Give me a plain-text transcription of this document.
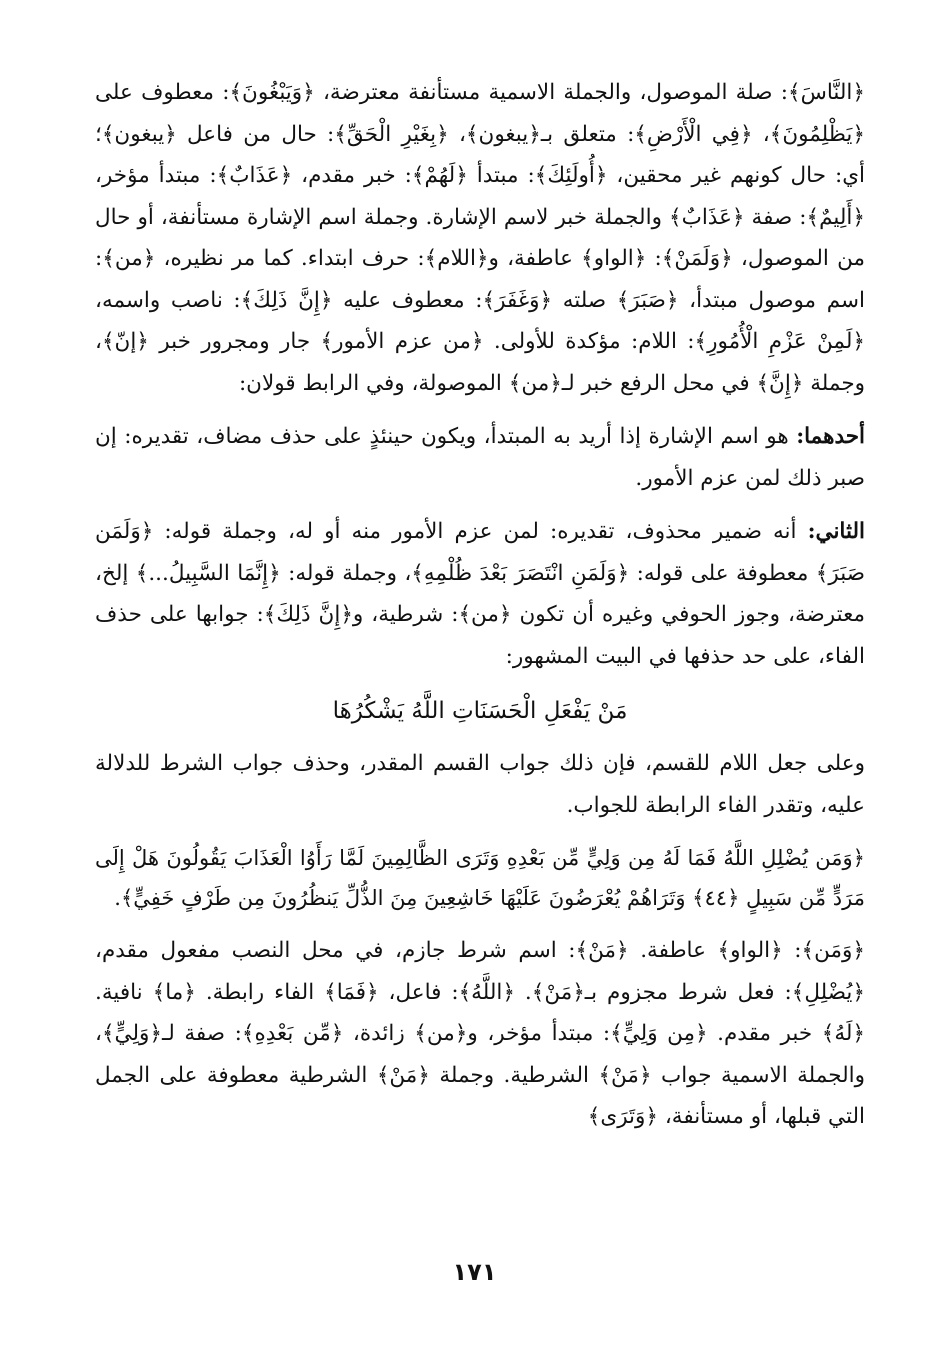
﴿النَّاسَ﴾: صلة الموصول، والجملة الاسمية مستأنفة معترضة، ﴿وَيَبْغُونَ﴾: معطوف على ﴿يَظْلِمُونَ﴾، ﴿فِي الْأَرْضِ﴾: متعلق بـ﴿يبغون﴾، ﴿بِغَيْرِ الْحَقِّ﴾: حال من فاعل ﴿يبغون﴾؛ أي: حال كونهم غير محقين، ﴿أُولَئِكَ﴾: مبتدأ ﴿لَهُمْ﴾: خبر مقدم، ﴿عَذَابٌ﴾: مبتدأ مؤخر، ﴿أَلِيمٌ﴾: صفة ﴿عَذَابٌ﴾ والجملة خبر لاسم الإشارة. وجملة اسم الإشارة مستأنفة، أو حال من الموصول، ﴿وَلَمَنْ﴾: ﴿الواو﴾ عاطفة، و﴿اللام﴾: حرف ابتداء. كما مر نظيره، ﴿من﴾: اسم موصول مبتدأ، ﴿صَبَرَ﴾ صلته ﴿وَغَفَرَ﴾: معطوف عليه ﴿إِنَّ ذَلِكَ﴾: ناصب واسمه، ﴿لَمِنْ عَزْمِ الْأُمُورِ﴾: اللام: مؤكدة للأولى. ﴿من عزم الأمور﴾ جار ومجرور خبر ﴿إنّ﴾، وجملة ﴿إِنَّ﴾ في محل الرفع خبر لـ﴿من﴾ الموصولة، وفي الرابط قولان:

أحدهما: هو اسم الإشارة إذا أريد به المبتدأ، ويكون حينئذٍ على حذف مضاف، تقديره: إن صبر ذلك لمن عزم الأمور.

الثاني: أنه ضمير محذوف، تقديره: لمن عزم الأمور منه أو له، وجملة قوله: ﴿وَلَمَن صَبَرَ﴾ معطوفة على قوله: ﴿وَلَمَنِ انْتَصَرَ بَعْدَ ظُلْمِهِ﴾، وجملة قوله: ﴿إِنَّمَا السَّبِيلُ...﴾ إلخ، معترضة، وجوز الحوفي وغيره أن تكون ﴿من﴾: شرطية، و﴿إِنَّ ذَلِكَ﴾: جوابها على حذف الفاء، على حد حذفها في البيت المشهور:

مَنْ يَفْعَلِ الْحَسَنَاتِ اللَّهُ يَشْكُرُهَا

وعلى جعل اللام للقسم، فإن ذلك جواب القسم المقدر، وحذف جواب الشرط للدلالة عليه، وتقدر الفاء الرابطة للجواب.

﴿وَمَن يُضْلِلِ اللَّهُ فَمَا لَهُ مِن وَلِيٍّ مِّن بَعْدِهِ وَتَرَى الظَّالِمِينَ لَمَّا رَأَوُا الْعَذَابَ يَقُولُونَ هَلْ إِلَى مَرَدٍّ مِّن سَبِيلٍ ﴿٤٤﴾ وَتَرَاهُمْ يُعْرَضُونَ عَلَيْهَا خَاشِعِينَ مِنَ الذُّلِّ يَنظُرُونَ مِن طَرْفٍ خَفِيٍّ﴾.

﴿وَمَن﴾: ﴿الواو﴾ عاطفة. ﴿مَنْ﴾: اسم شرط جازم، في محل النصب مفعول مقدم، ﴿يُضْلِلِ﴾: فعل شرط مجزوم بـ﴿مَنْ﴾. ﴿اللَّهُ﴾: فاعل، ﴿فَمَا﴾ الفاء رابطة. ﴿ما﴾ نافية. ﴿لَهُ﴾ خبر مقدم. ﴿مِن وَلِيٍّ﴾: مبتدأ مؤخر، و﴿من﴾ زائدة، ﴿مِّن بَعْدِهِ﴾: صفة لـ﴿وَلِيٍّ﴾، والجملة الاسمية جواب ﴿مَنْ﴾ الشرطية. وجملة ﴿مَنْ﴾ الشرطية معطوفة على الجمل التي قبلها، أو مستأنفة، ﴿وَتَرَى﴾

١٧١
